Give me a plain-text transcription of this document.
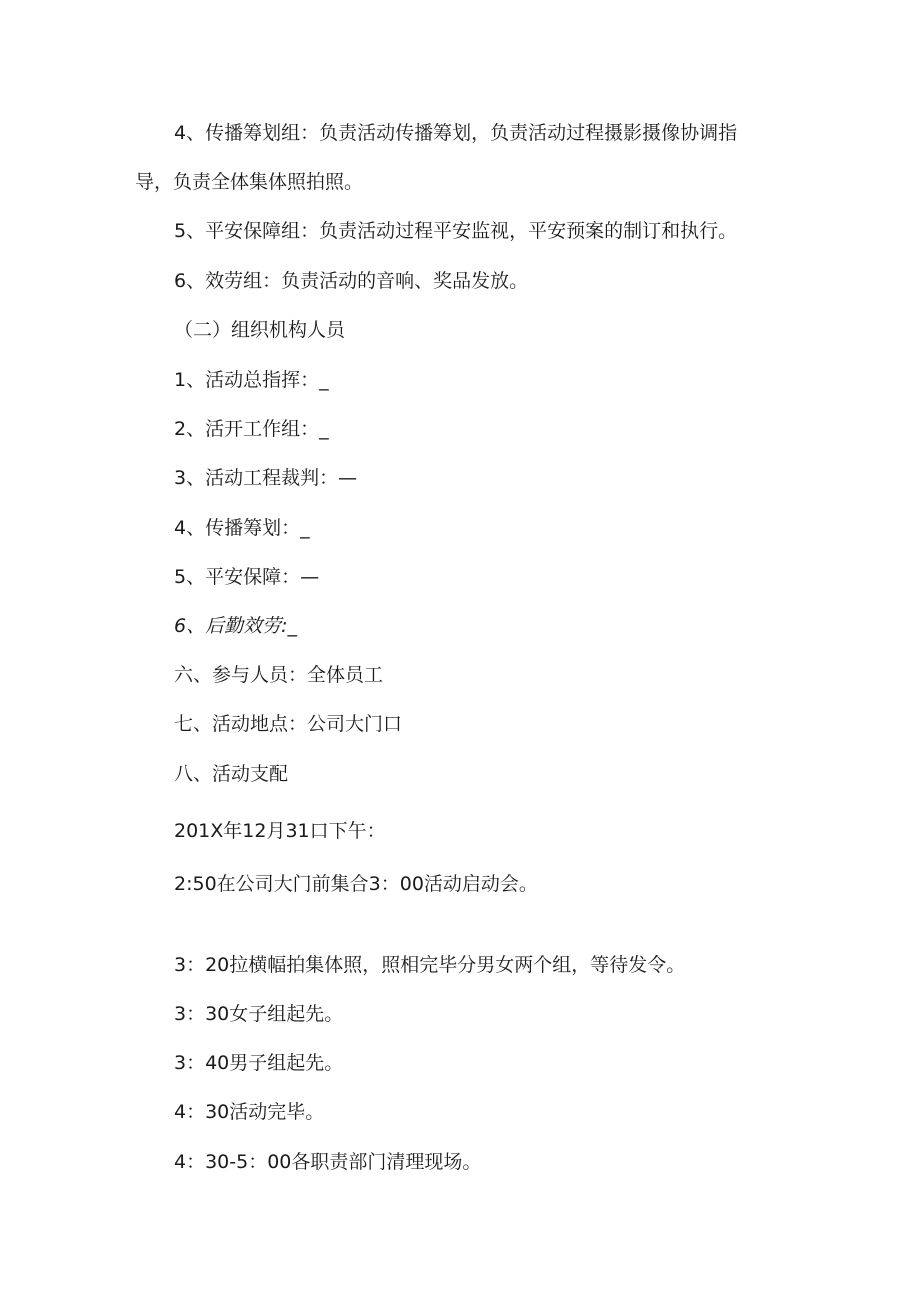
4、传播筹划组：负责活动传播筹划，负责活动过程摄影摄像协调指

导，负责全体集体照拍照。

5、平安保障组：负责活动过程平安监视，平安预案的制订和执行。

6、效劳组：负责活动的音响、奖品发放。

（二）组织机构人员

1、活动总指挥：_

2、活开工作组：_

3、活动工程裁判：—

4、传播筹划：_

5、平安保障：—

6、后勤效劳:_

六、参与人员：全体员工

七、活动地点：公司大门口

八、活动支配

201X年12月31口下午：

2:50在公司大门前集合3：00活动启动会。

3：20拉横幅拍集体照，照相完毕分男女两个组，等待发令。

3：30女子组起先。

3：40男子组起先。

4：30活动完毕。

4：30-5：00各职责部门清理现场。
